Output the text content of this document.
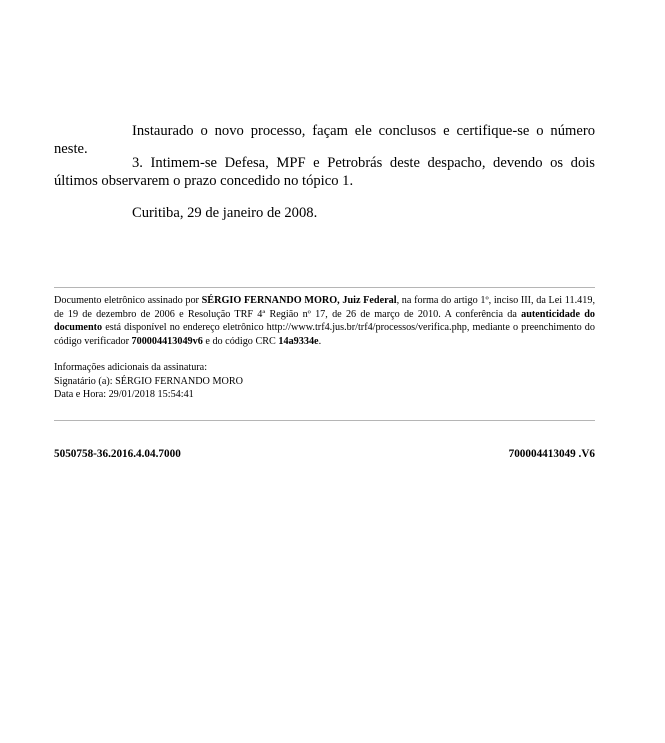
Instaurado o novo processo, façam ele conclusos e certifique-se o número neste.
3. Intimem-se Defesa, MPF e Petrobrás deste despacho, devendo os dois últimos observarem o prazo concedido no tópico 1.
Curitiba, 29 de janeiro de 2008.
Documento eletrônico assinado por SÉRGIO FERNANDO MORO, Juiz Federal, na forma do artigo 1º, inciso III, da Lei 11.419, de 19 de dezembro de 2006 e Resolução TRF 4ª Região nº 17, de 26 de março de 2010. A conferência da autenticidade do documento está disponível no endereço eletrônico http://www.trf4.jus.br/trf4/processos/verifica.php, mediante o preenchimento do código verificador 700004413049v6 e do código CRC 14a9334e.
Informações adicionais da assinatura:
Signatário (a): SÉRGIO FERNANDO MORO
Data e Hora: 29/01/2018 15:54:41
5050758-36.2016.4.04.7000	700004413049 .V6
